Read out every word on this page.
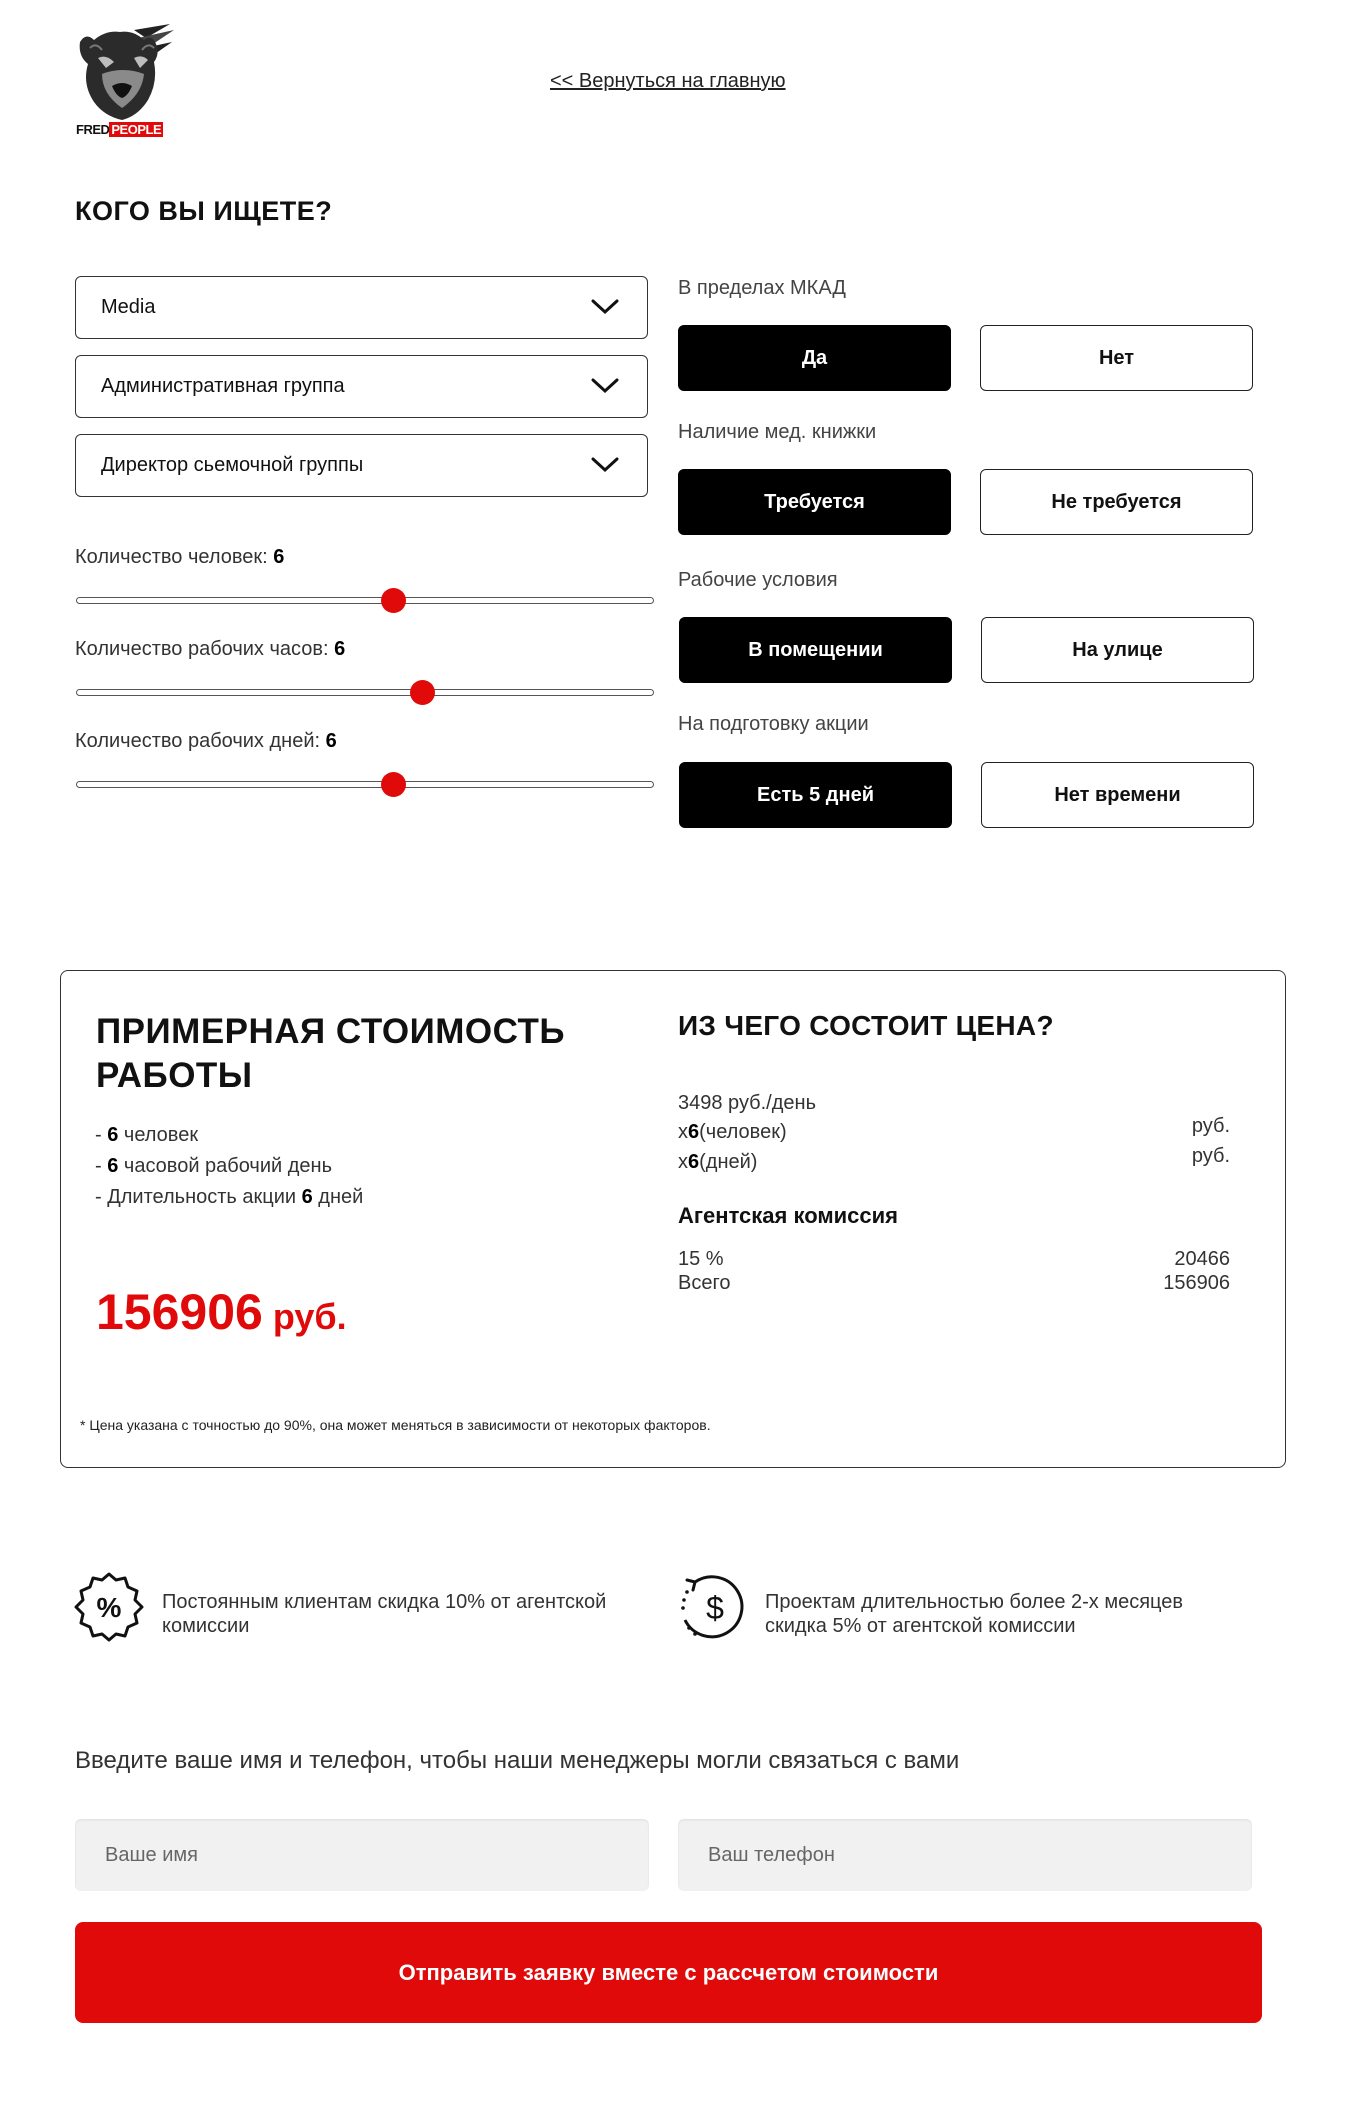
FRED PEOPLE
<< Вернуться на главную
КОГО ВЫ ИЩЕТЕ?
Media
Административная группа
Директор сьемочной группы
Количество человек: 6
Количество рабочих часов: 6
Количество рабочих дней: 6
В пределах МКАД
Да	Нет
Наличие мед. книжки
Требуется	Не требуется
Рабочие условия
В помещении	На улице
На подготовку акции
Есть 5 дней	Нет времени
ПРИМЕРНАЯ СТОИМОСТЬ РАБОТЫ
- 6 человек
- 6 часовой рабочий день
- Длительность акции 6 дней
156906 руб.
* Цена указана с точностью до 90%, она может меняться в зависимости от некоторых факторов.
ИЗ ЧЕГО СОСТОИТ ЦЕНА?
3498 руб./день
x6(человек)	руб.
x6(дней)	руб.
Агентская комиссия
15 %	20466
Всего	156906
% Постоянным клиентам скидка 10% от агентской комиссии	$ Проектам длительностью более 2-х месяцев скидка 5% от агентской комиссии
Введите ваше имя и телефон, чтобы наши менеджеры могли связаться с вами
Ваше имя
Ваш телефон
Отправить заявку вместе с рассчетом стоимости
